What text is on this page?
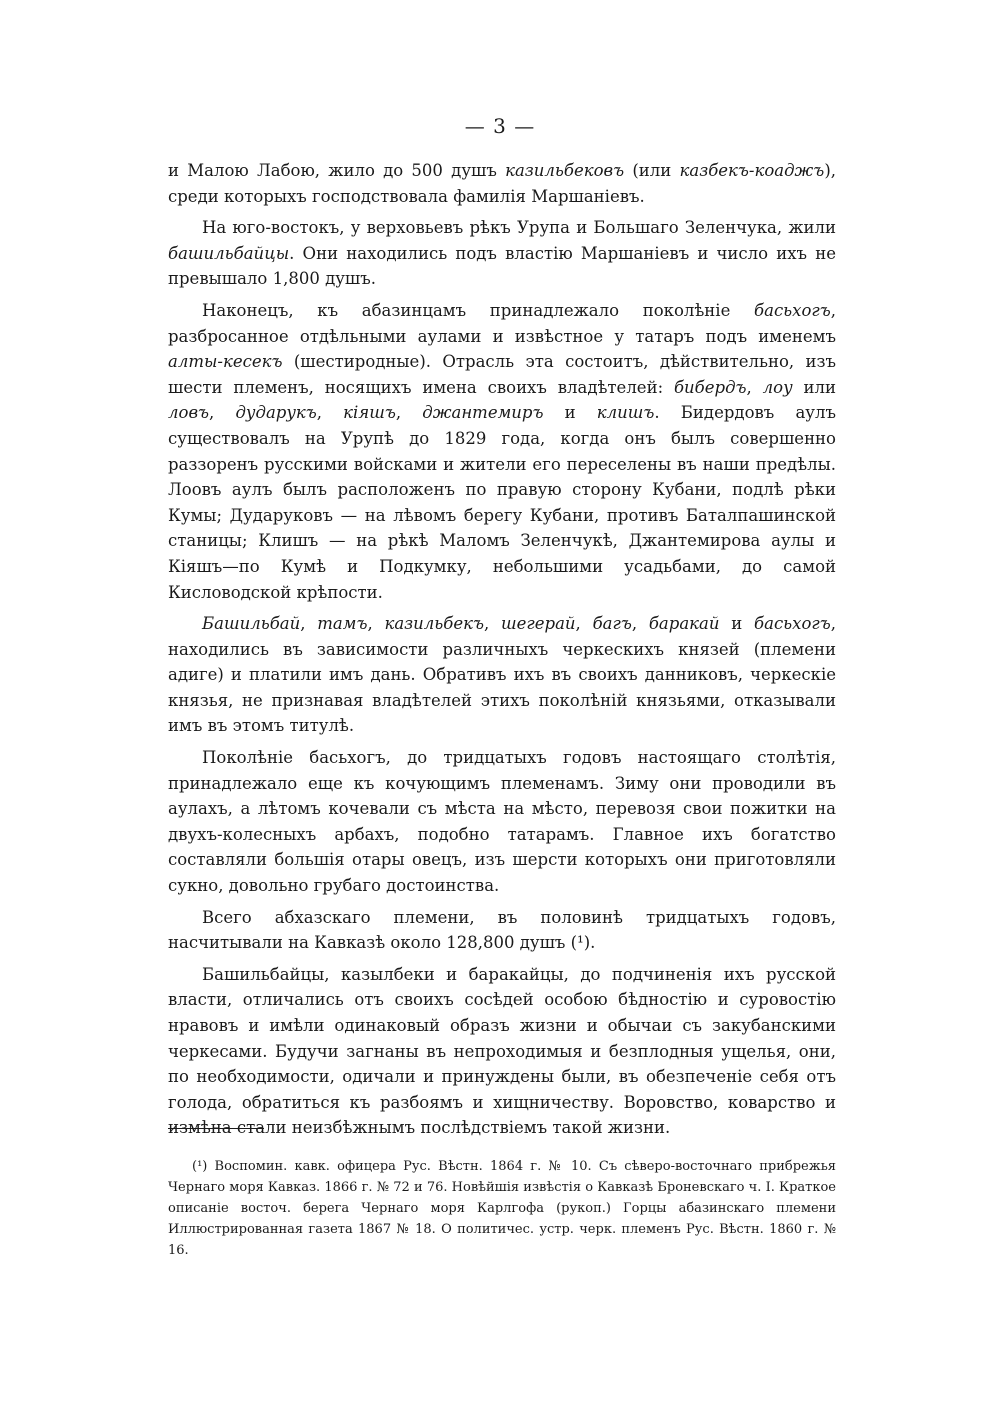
— 3 —

и Малою Лабою, жило до 500 душъ казильбековъ (или казбекъ-коаджъ), среди которыхъ господствовала фамилія Маршаніевъ.

На юго-востокъ, у верховьевъ рѣкъ Урупа и Большаго Зеленчука, жили башильбайцы. Они находились подъ властію Маршаніевъ и число ихъ не превышало 1,800 душъ.

Наконецъ, къ абазинцамъ принадлежало поколѣніе басьхогъ, разбросанное отдѣльными аулами и извѣстное у татаръ подъ именемъ алты-кесекъ (шестиродные). Отрасль эта состоитъ, дѣйствительно, изъ шести племенъ, носящихъ имена своихъ владѣтелей: бибердъ, лоу или ловъ, дударукъ, кіяшъ, джантемиръ и клишъ. Бидердовъ аулъ существовалъ на Урупѣ до 1829 года, когда онъ былъ совершенно раззоренъ русскими войсками и жители его переселены въ наши предѣлы. Лоовъ аулъ былъ расположенъ по правую сторону Кубани, подлѣ рѣки Кумы; Дударуковъ — на лѣвомъ берегу Кубани, противъ Баталпашинской станицы; Клишъ — на рѣкѣ Маломъ Зеленчукѣ, Джантемирова аулы и Кіяшъ—по Кумѣ и Подкумку, небольшими усадьбами, до самой Кисловодской крѣпости.

Башильбай, тамъ, казильбекъ, шегерай, багъ, баракай и басьхогъ, находились въ зависимости различныхъ черкескихъ князей (племени адиге) и платили имъ дань. Обративъ ихъ въ своихъ данниковъ, черкескіе князья, не признавая владѣтелей этихъ поколѣній князьями, отказывали имъ въ этомъ титулѣ.

Поколѣніе басьхогъ, до тридцатыхъ годовъ настоящаго столѣтія, принадлежало еще къ кочующимъ племенамъ. Зиму они проводили въ аулахъ, а лѣтомъ кочевали съ мѣста на мѣсто, перевозя свои пожитки на двухъ-колесныхъ арбахъ, подобно татарамъ. Главное ихъ богатство составляли большія отары овецъ, изъ шерсти которыхъ они приготовляли сукно, довольно грубаго достоинства.

Всего абхазскаго племени, въ половинѣ тридцатыхъ годовъ, насчитывали на Кавказѣ около 128,800 душъ (¹).

Башильбайцы, казылбеки и баракайцы, до подчиненія ихъ русской власти, отличались отъ своихъ сосѣдей особою бѣдностію и суровостію нравовъ и имѣли одинаковый образъ жизни и обычаи съ закубанскими черкесами. Будучи загнаны въ непроходимыя и безплодныя ущелья, они, по необходимости, одичали и принуждены были, въ обезпеченіе себя отъ голода, обратиться къ разбоямъ и хищничеству. Воровство, коварство и измѣна стали неизбѣжнымъ послѣдствіемъ такой жизни.

(¹) Воспомин. кавк. офицера Рус. Вѣстн. 1864 г. № 10. Съ сѣверо-восточнаго прибрежья Чернаго моря Кавказ. 1866 г. № 72 и 76. Новѣйшія извѣстія о Кавказѣ Броневскаго ч. I. Краткое описаніе восточ. берега Чернаго моря Карлгофа (рукоп.) Горцы абазинскаго племени Иллюстрированная газета 1867 № 18. О политичес. устр. черк. племенъ Рус. Вѣстн. 1860 г. № 16.
